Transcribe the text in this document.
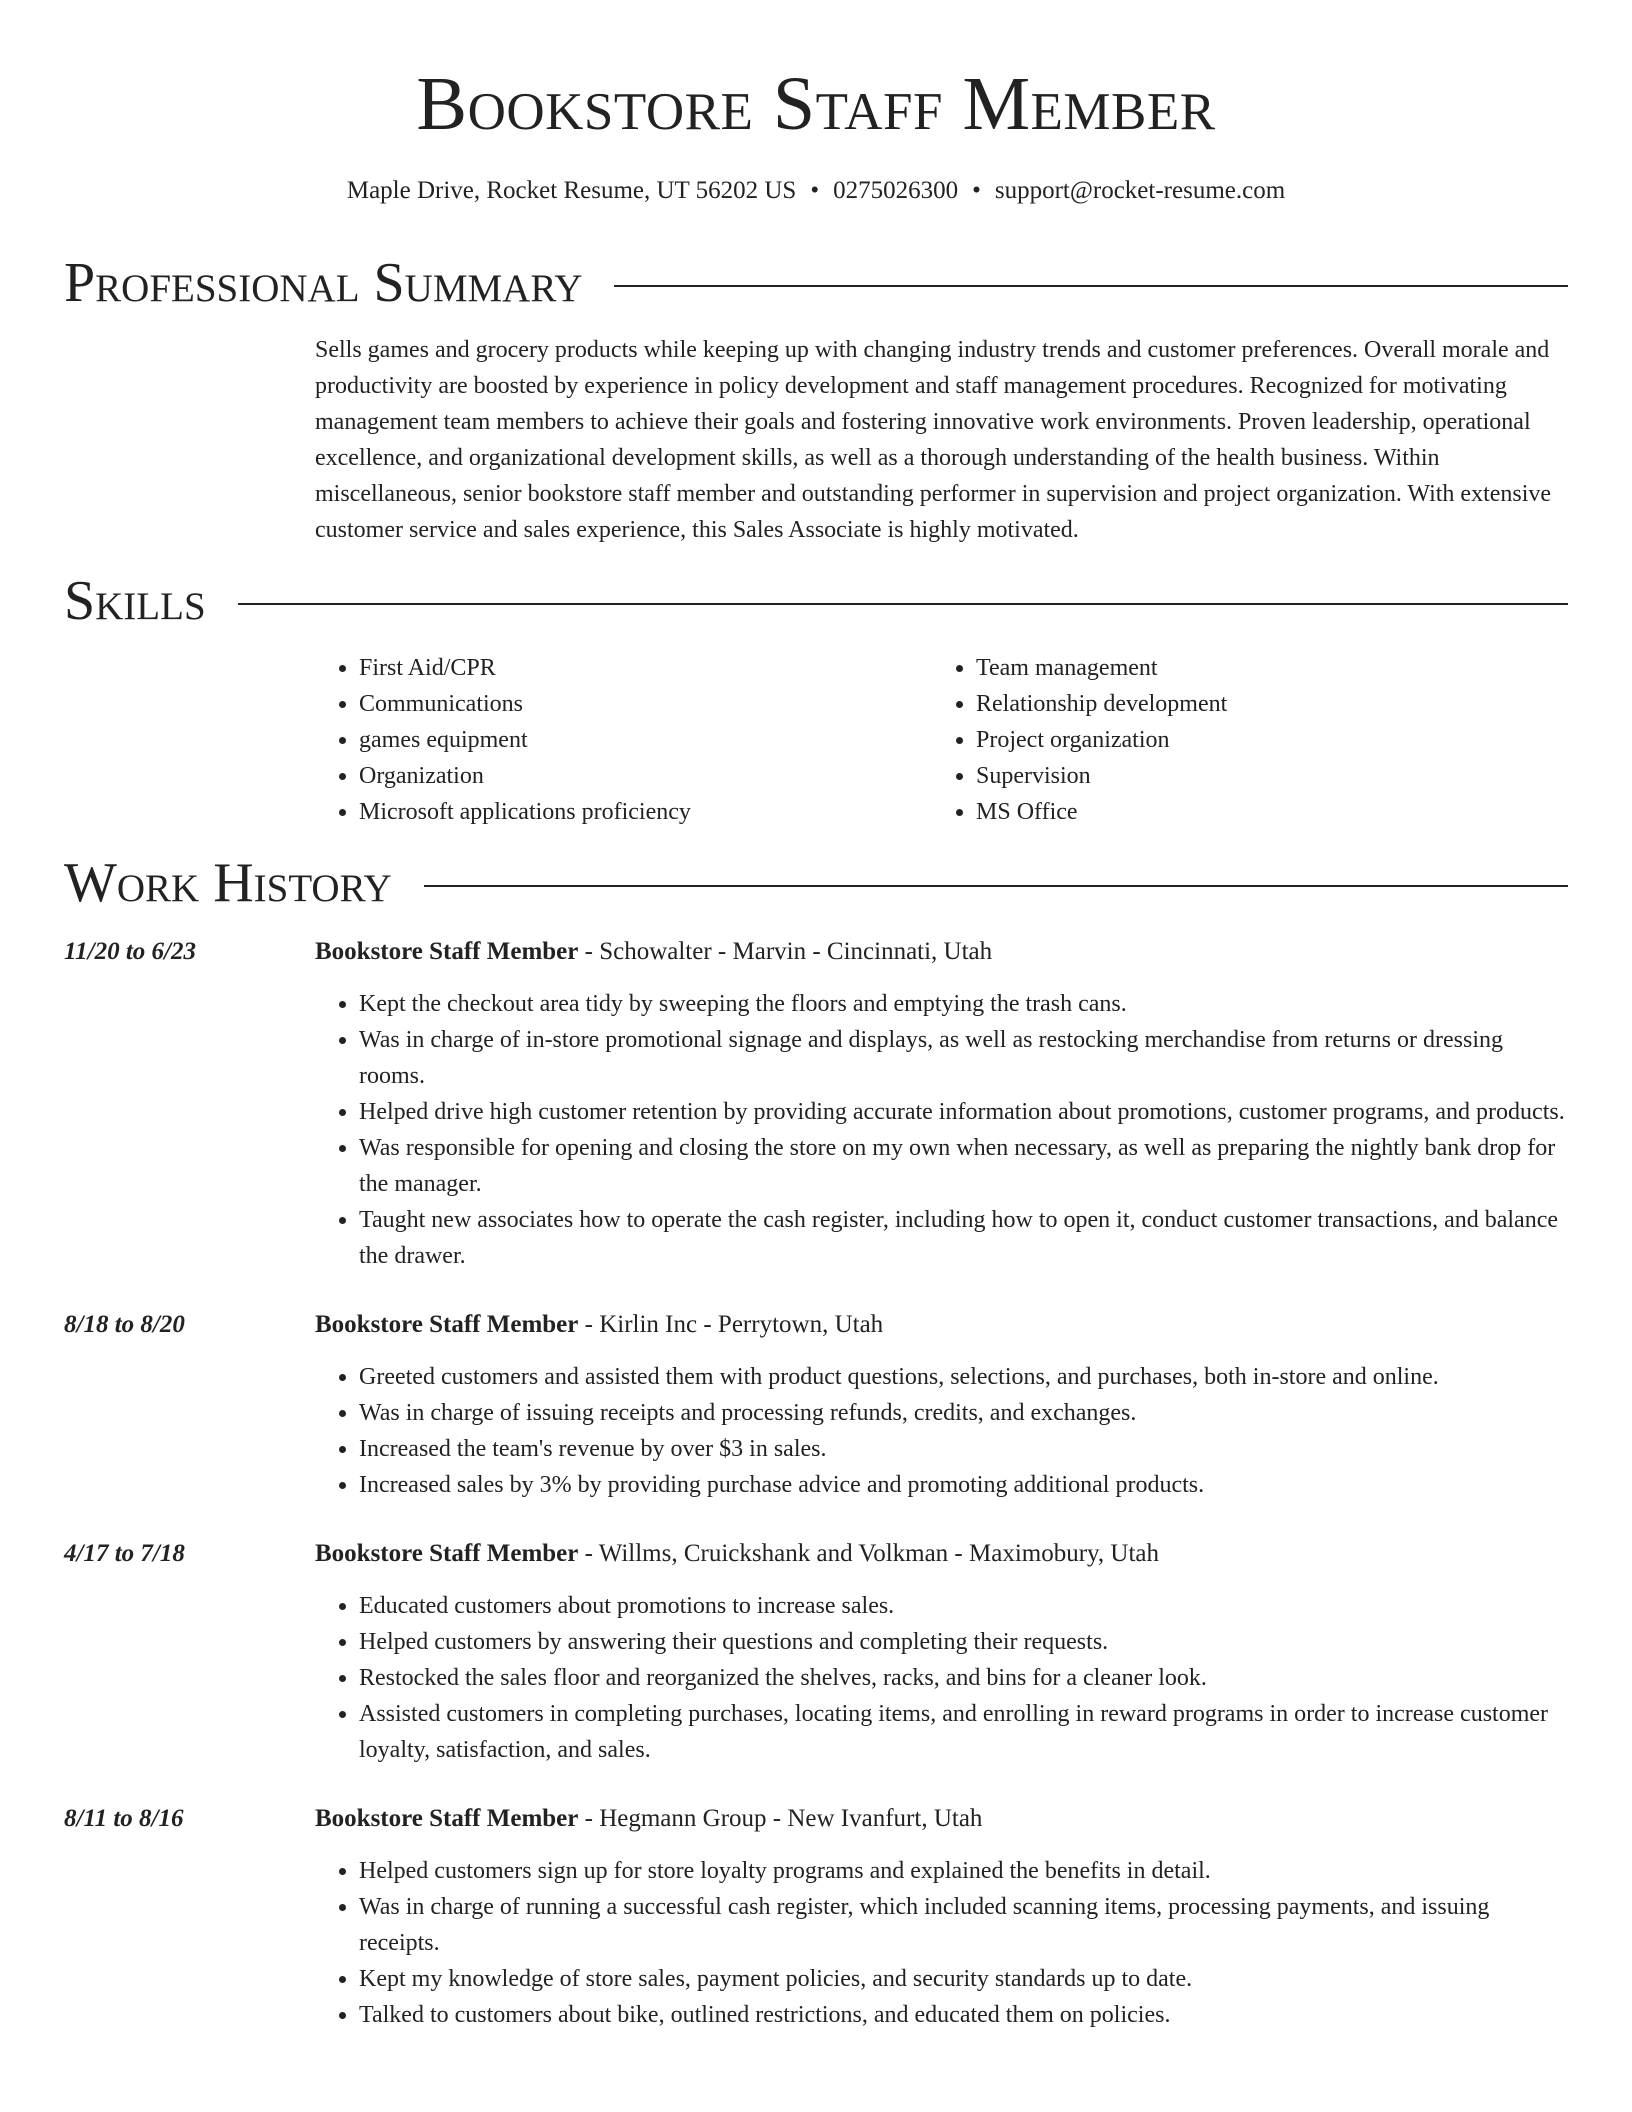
Bookstore Staff Member
Maple Drive, Rocket Resume, UT 56202 US • 0275026300 • support@rocket-resume.com
Professional Summary
Sells games and grocery products while keeping up with changing industry trends and customer preferences. Overall morale and productivity are boosted by experience in policy development and staff management procedures. Recognized for motivating management team members to achieve their goals and fostering innovative work environments. Proven leadership, operational excellence, and organizational development skills, as well as a thorough understanding of the health business. Within miscellaneous, senior bookstore staff member and outstanding performer in supervision and project organization. With extensive customer service and sales experience, this Sales Associate is highly motivated.
Skills
• First Aid/CPR
• Communications
• games equipment
• Organization
• Microsoft applications proficiency
• Team management
• Relationship development
• Project organization
• Supervision
• MS Office
Work History
11/20 to 6/23	Bookstore Staff Member - Schowalter - Marvin - Cincinnati, Utah
• Kept the checkout area tidy by sweeping the floors and emptying the trash cans.
• Was in charge of in-store promotional signage and displays, as well as restocking merchandise from returns or dressing rooms.
• Helped drive high customer retention by providing accurate information about promotions, customer programs, and products.
• Was responsible for opening and closing the store on my own when necessary, as well as preparing the nightly bank drop for the manager.
• Taught new associates how to operate the cash register, including how to open it, conduct customer transactions, and balance the drawer.
8/18 to 8/20	Bookstore Staff Member - Kirlin Inc - Perrytown, Utah
• Greeted customers and assisted them with product questions, selections, and purchases, both in-store and online.
• Was in charge of issuing receipts and processing refunds, credits, and exchanges.
• Increased the team's revenue by over $3 in sales.
• Increased sales by 3% by providing purchase advice and promoting additional products.
4/17 to 7/18	Bookstore Staff Member - Willms, Cruickshank and Volkman - Maximobury, Utah
• Educated customers about promotions to increase sales.
• Helped customers by answering their questions and completing their requests.
• Restocked the sales floor and reorganized the shelves, racks, and bins for a cleaner look.
• Assisted customers in completing purchases, locating items, and enrolling in reward programs in order to increase customer loyalty, satisfaction, and sales.
8/11 to 8/16	Bookstore Staff Member - Hegmann Group - New Ivanfurt, Utah
• Helped customers sign up for store loyalty programs and explained the benefits in detail.
• Was in charge of running a successful cash register, which included scanning items, processing payments, and issuing receipts.
• Kept my knowledge of store sales, payment policies, and security standards up to date.
• Talked to customers about bike, outlined restrictions, and educated them on policies.
